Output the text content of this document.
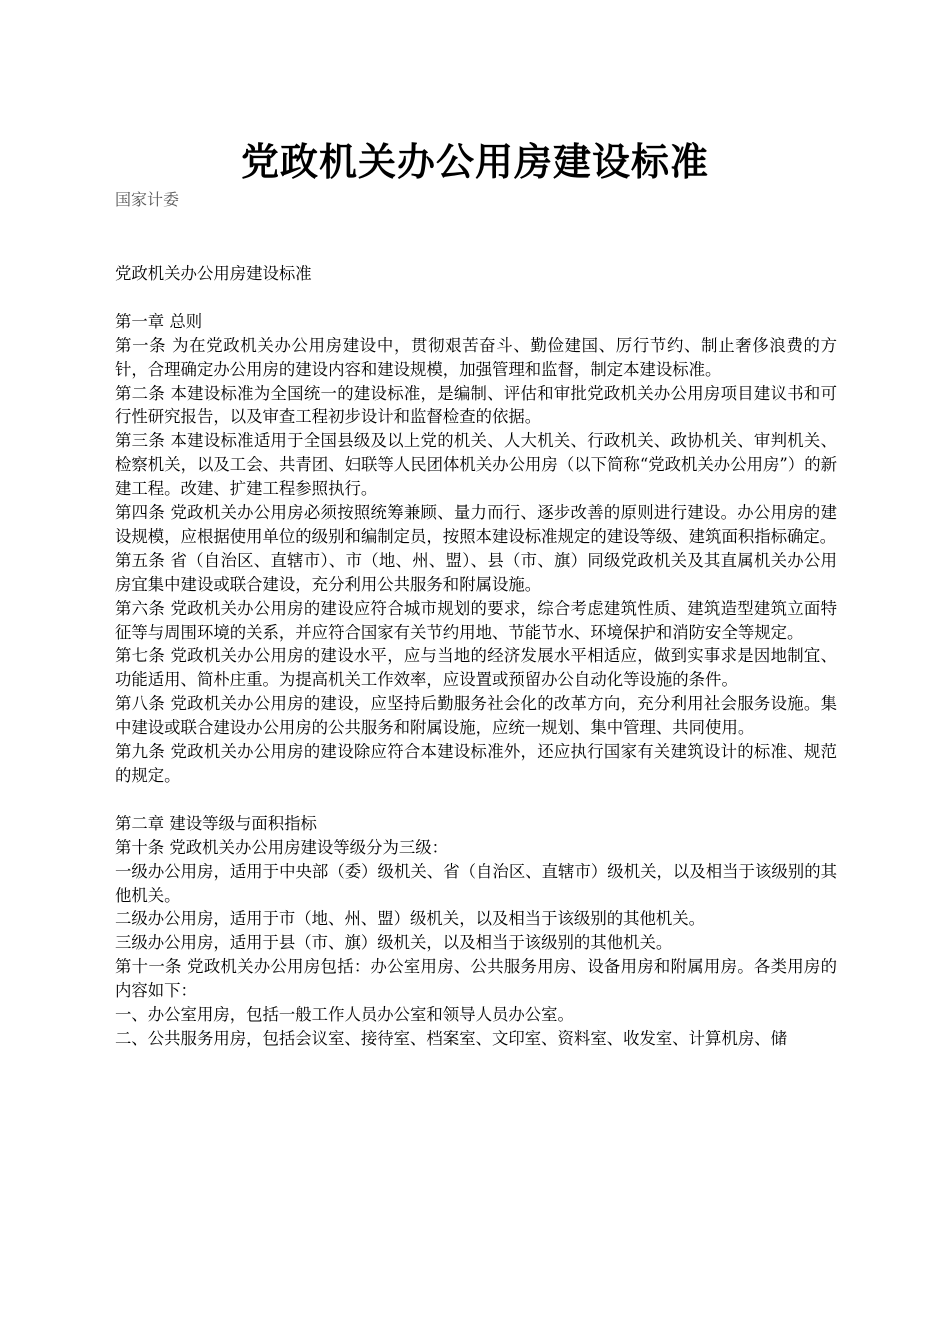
党政机关办公用房建设标准
国家计委

党政机关办公用房建设标准

第一章 总则

第一条 为在党政机关办公用房建设中，贯彻艰苦奋斗、勤俭建国、厉行节约、制止奢侈浪费的方针，合理确定办公用房的建设内容和建设规模，加强管理和监督，制定本建设标准。

第二条 本建设标准为全国统一的建设标准，是编制、评估和审批党政机关办公用房项目建议书和可行性研究报告，以及审查工程初步设计和监督检查的依据。

第三条 本建设标准适用于全国县级及以上党的机关、人大机关、行政机关、政协机关、审判机关、检察机关，以及工会、共青团、妇联等人民团体机关办公用房（以下简称“党政机关办公用房”）的新建工程。改建、扩建工程参照执行。

第四条 党政机关办公用房必须按照统筹兼顾、量力而行、逐步改善的原则进行建设。办公用房的建设规模，应根据使用单位的级别和编制定员，按照本建设标准规定的建设等级、建筑面积指标确定。

第五条 省（自治区、直辖市）、市（地、州、盟）、县（市、旗）同级党政机关及其直属机关办公用房宜集中建设或联合建设，充分利用公共服务和附属设施。

第六条 党政机关办公用房的建设应符合城市规划的要求，综合考虑建筑性质、建筑造型建筑立面特征等与周围环境的关系，并应符合国家有关节约用地、节能节水、环境保护和消防安全等规定。

第七条 党政机关办公用房的建设水平，应与当地的经济发展水平相适应，做到实事求是因地制宜、功能适用、简朴庄重。为提高机关工作效率，应设置或预留办公自动化等设施的条件。

第八条 党政机关办公用房的建设，应坚持后勤服务社会化的改革方向，充分利用社会服务设施。集中建设或联合建设办公用房的公共服务和附属设施，应统一规划、集中管理、共同使用。

第九条 党政机关办公用房的建设除应符合本建设标准外，还应执行国家有关建筑设计的标准、规范的规定。

第二章 建设等级与面积指标

第十条 党政机关办公用房建设等级分为三级：

一级办公用房，适用于中央部（委）级机关、省（自治区、直辖市）级机关，以及相当于该级别的其他机关。

二级办公用房，适用于市（地、州、盟）级机关，以及相当于该级别的其他机关。

三级办公用房，适用于县（市、旗）级机关，以及相当于该级别的其他机关。

第十一条 党政机关办公用房包括：办公室用房、公共服务用房、设备用房和附属用房。各类用房的内容如下：

一、办公室用房，包括一般工作人员办公室和领导人员办公室。

二、公共服务用房，包括会议室、接待室、档案室、文印室、资料室、收发室、计算机房、储
